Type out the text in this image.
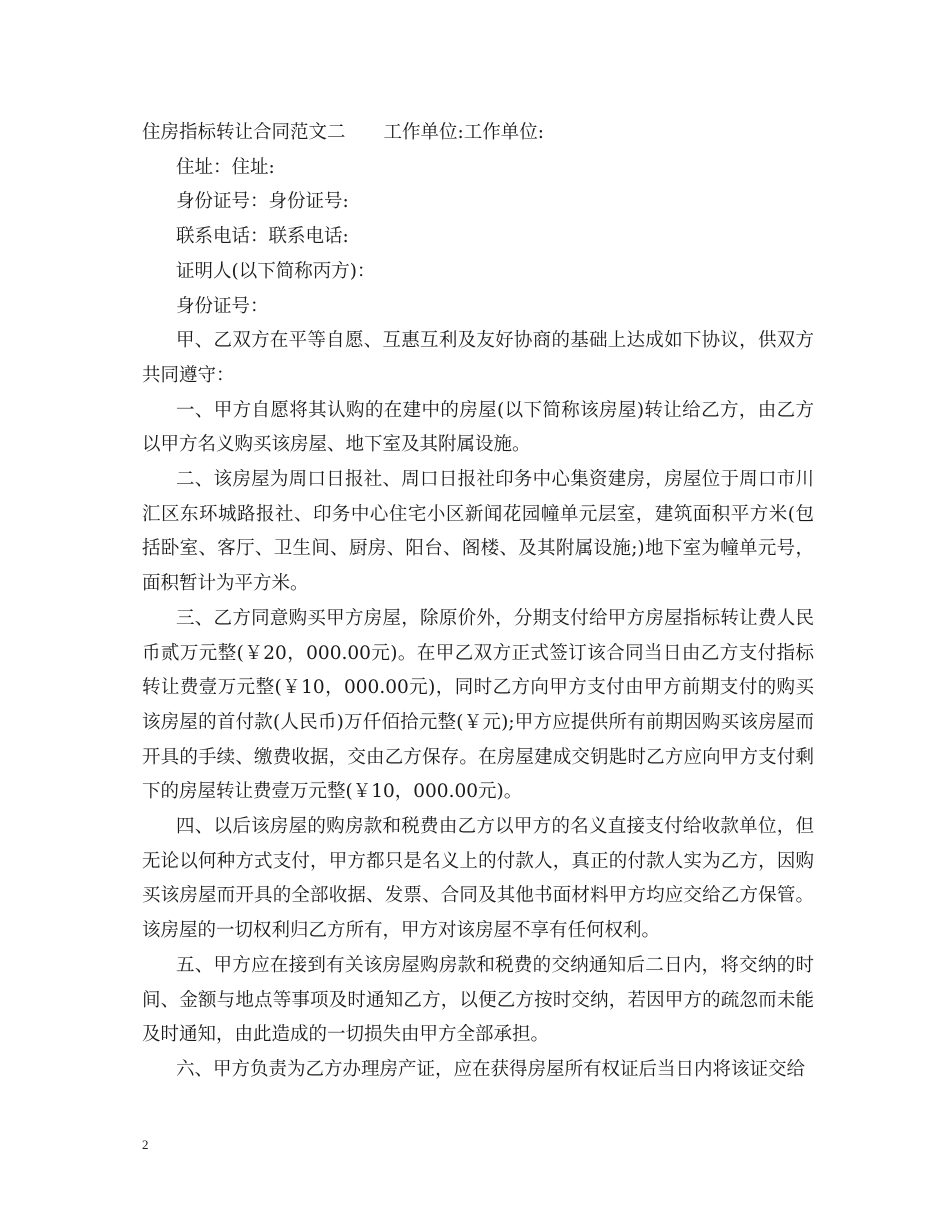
住房指标转让合同范文二 工作单位:工作单位:
住址：住址:
身份证号：身份证号:
联系电话：联系电话:
证明人(以下简称丙方)：
身份证号：
甲、乙双方在平等自愿、互惠互利及友好协商的基础上达成如下协议，供双方共同遵守：
一、甲方自愿将其认购的在建中的房屋(以下简称该房屋)转让给乙方，由乙方以甲方名义购买该房屋、地下室及其附属设施。
二、该房屋为周口日报社、周口日报社印务中心集资建房，房屋位于周口市川汇区东环城路报社、印务中心住宅小区新闻花园幢单元层室，建筑面积平方米(包括卧室、客厅、卫生间、厨房、阳台、阁楼、及其附属设施;)地下室为幢单元号，面积暂计为平方米。
三、乙方同意购买甲方房屋，除原价外，分期支付给甲方房屋指标转让费人民币贰万元整(￥20，000.00元)。在甲乙双方正式签订该合同当日由乙方支付指标转让费壹万元整(￥10，000.00元)，同时乙方向甲方支付由甲方前期支付的购买该房屋的首付款(人民币)万仟佰拾元整(￥元);甲方应提供所有前期因购买该房屋而开具的手续、缴费收据，交由乙方保存。在房屋建成交钥匙时乙方应向甲方支付剩下的房屋转让费壹万元整(￥10，000.00元)。
四、以后该房屋的购房款和税费由乙方以甲方的名义直接支付给收款单位，但无论以何种方式支付，甲方都只是名义上的付款人，真正的付款人实为乙方，因购买该房屋而开具的全部收据、发票、合同及其他书面材料甲方均应交给乙方保管。该房屋的一切权利归乙方所有，甲方对该房屋不享有任何权利。
五、甲方应在接到有关该房屋购房款和税费的交纳通知后二日内，将交纳的时间、金额与地点等事项及时通知乙方，以便乙方按时交纳，若因甲方的疏忽而未能及时通知，由此造成的一切损失由甲方全部承担。
六、甲方负责为乙方办理房产证，应在获得房屋所有权证后当日内将该证交给
2
